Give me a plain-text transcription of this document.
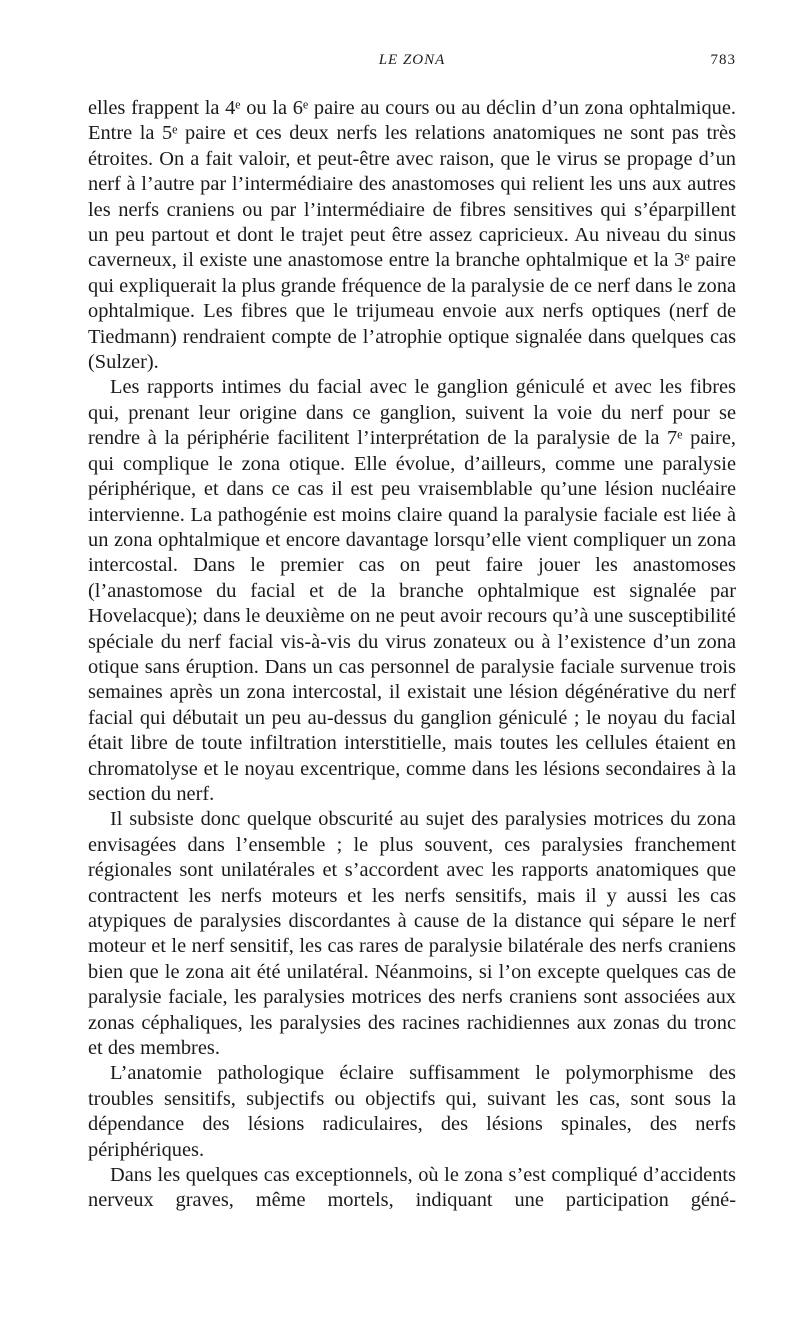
LE ZONA	783

elles frappent la 4ᵉ ou la 6ᵉ paire au cours ou au déclin d’un zona ophtalmique. Entre la 5ᵉ paire et ces deux nerfs les relations anatomiques ne sont pas très étroites. On a fait valoir, et peut-être avec raison, que le virus se propage d’un nerf à l’autre par l’intermédiaire des anastomoses qui relient les uns aux autres les nerfs craniens ou par l’intermédiaire de fibres sensitives qui s’éparpillent un peu partout et dont le trajet peut être assez capricieux. Au niveau du sinus caverneux, il existe une anastomose entre la branche ophtalmique et la 3ᵉ paire qui expliquerait la plus grande fréquence de la paralysie de ce nerf dans le zona ophtalmique. Les fibres que le trijumeau envoie aux nerfs optiques (nerf de Tiedmann) rendraient compte de l’atrophie optique signalée dans quelques cas (Sulzer).

Les rapports intimes du facial avec le ganglion géniculé et avec les fibres qui, prenant leur origine dans ce ganglion, suivent la voie du nerf pour se rendre à la périphérie facilitent l’interprétation de la paralysie de la 7ᵉ paire, qui complique le zona otique. Elle évolue, d’ailleurs, comme une paralysie périphérique, et dans ce cas il est peu vraisemblable qu’une lésion nucléaire intervienne. La pathogénie est moins claire quand la paralysie faciale est liée à un zona ophtalmique et encore davantage lorsqu’elle vient compliquer un zona intercostal. Dans le premier cas on peut faire jouer les anastomoses (l’anastomose du facial et de la branche ophtalmique est signalée par Hovelacque); dans le deuxième on ne peut avoir recours qu’à une susceptibilité spéciale du nerf facial vis-à-vis du virus zonateux ou à l’existence d’un zona otique sans éruption. Dans un cas personnel de paralysie faciale survenue trois semaines après un zona intercostal, il existait une lésion dégénérative du nerf facial qui débutait un peu au-dessus du ganglion géniculé ; le noyau du facial était libre de toute infiltration interstitielle, mais toutes les cellules étaient en chromatolyse et le noyau excentrique, comme dans les lésions secondaires à la section du nerf.

Il subsiste donc quelque obscurité au sujet des paralysies motrices du zona envisagées dans l’ensemble ; le plus souvent, ces paralysies franchement régionales sont unilatérales et s’accordent avec les rapports anatomiques que contractent les nerfs moteurs et les nerfs sensitifs, mais il y aussi les cas atypiques de paralysies discordantes à cause de la distance qui sépare le nerf moteur et le nerf sensitif, les cas rares de paralysie bilatérale des nerfs craniens bien que le zona ait été unilatéral. Néanmoins, si l’on excepte quelques cas de paralysie faciale, les paralysies motrices des nerfs craniens sont associées aux zonas céphaliques, les paralysies des racines rachidiennes aux zonas du tronc et des membres.

L’anatomie pathologique éclaire suffisamment le polymorphisme des troubles sensitifs, subjectifs ou objectifs qui, suivant les cas, sont sous la dépendance des lésions radiculaires, des lésions spinales, des nerfs périphériques.

Dans les quelques cas exceptionnels, où le zona s’est compliqué d’accidents nerveux graves, même mortels, indiquant une participation géné-
